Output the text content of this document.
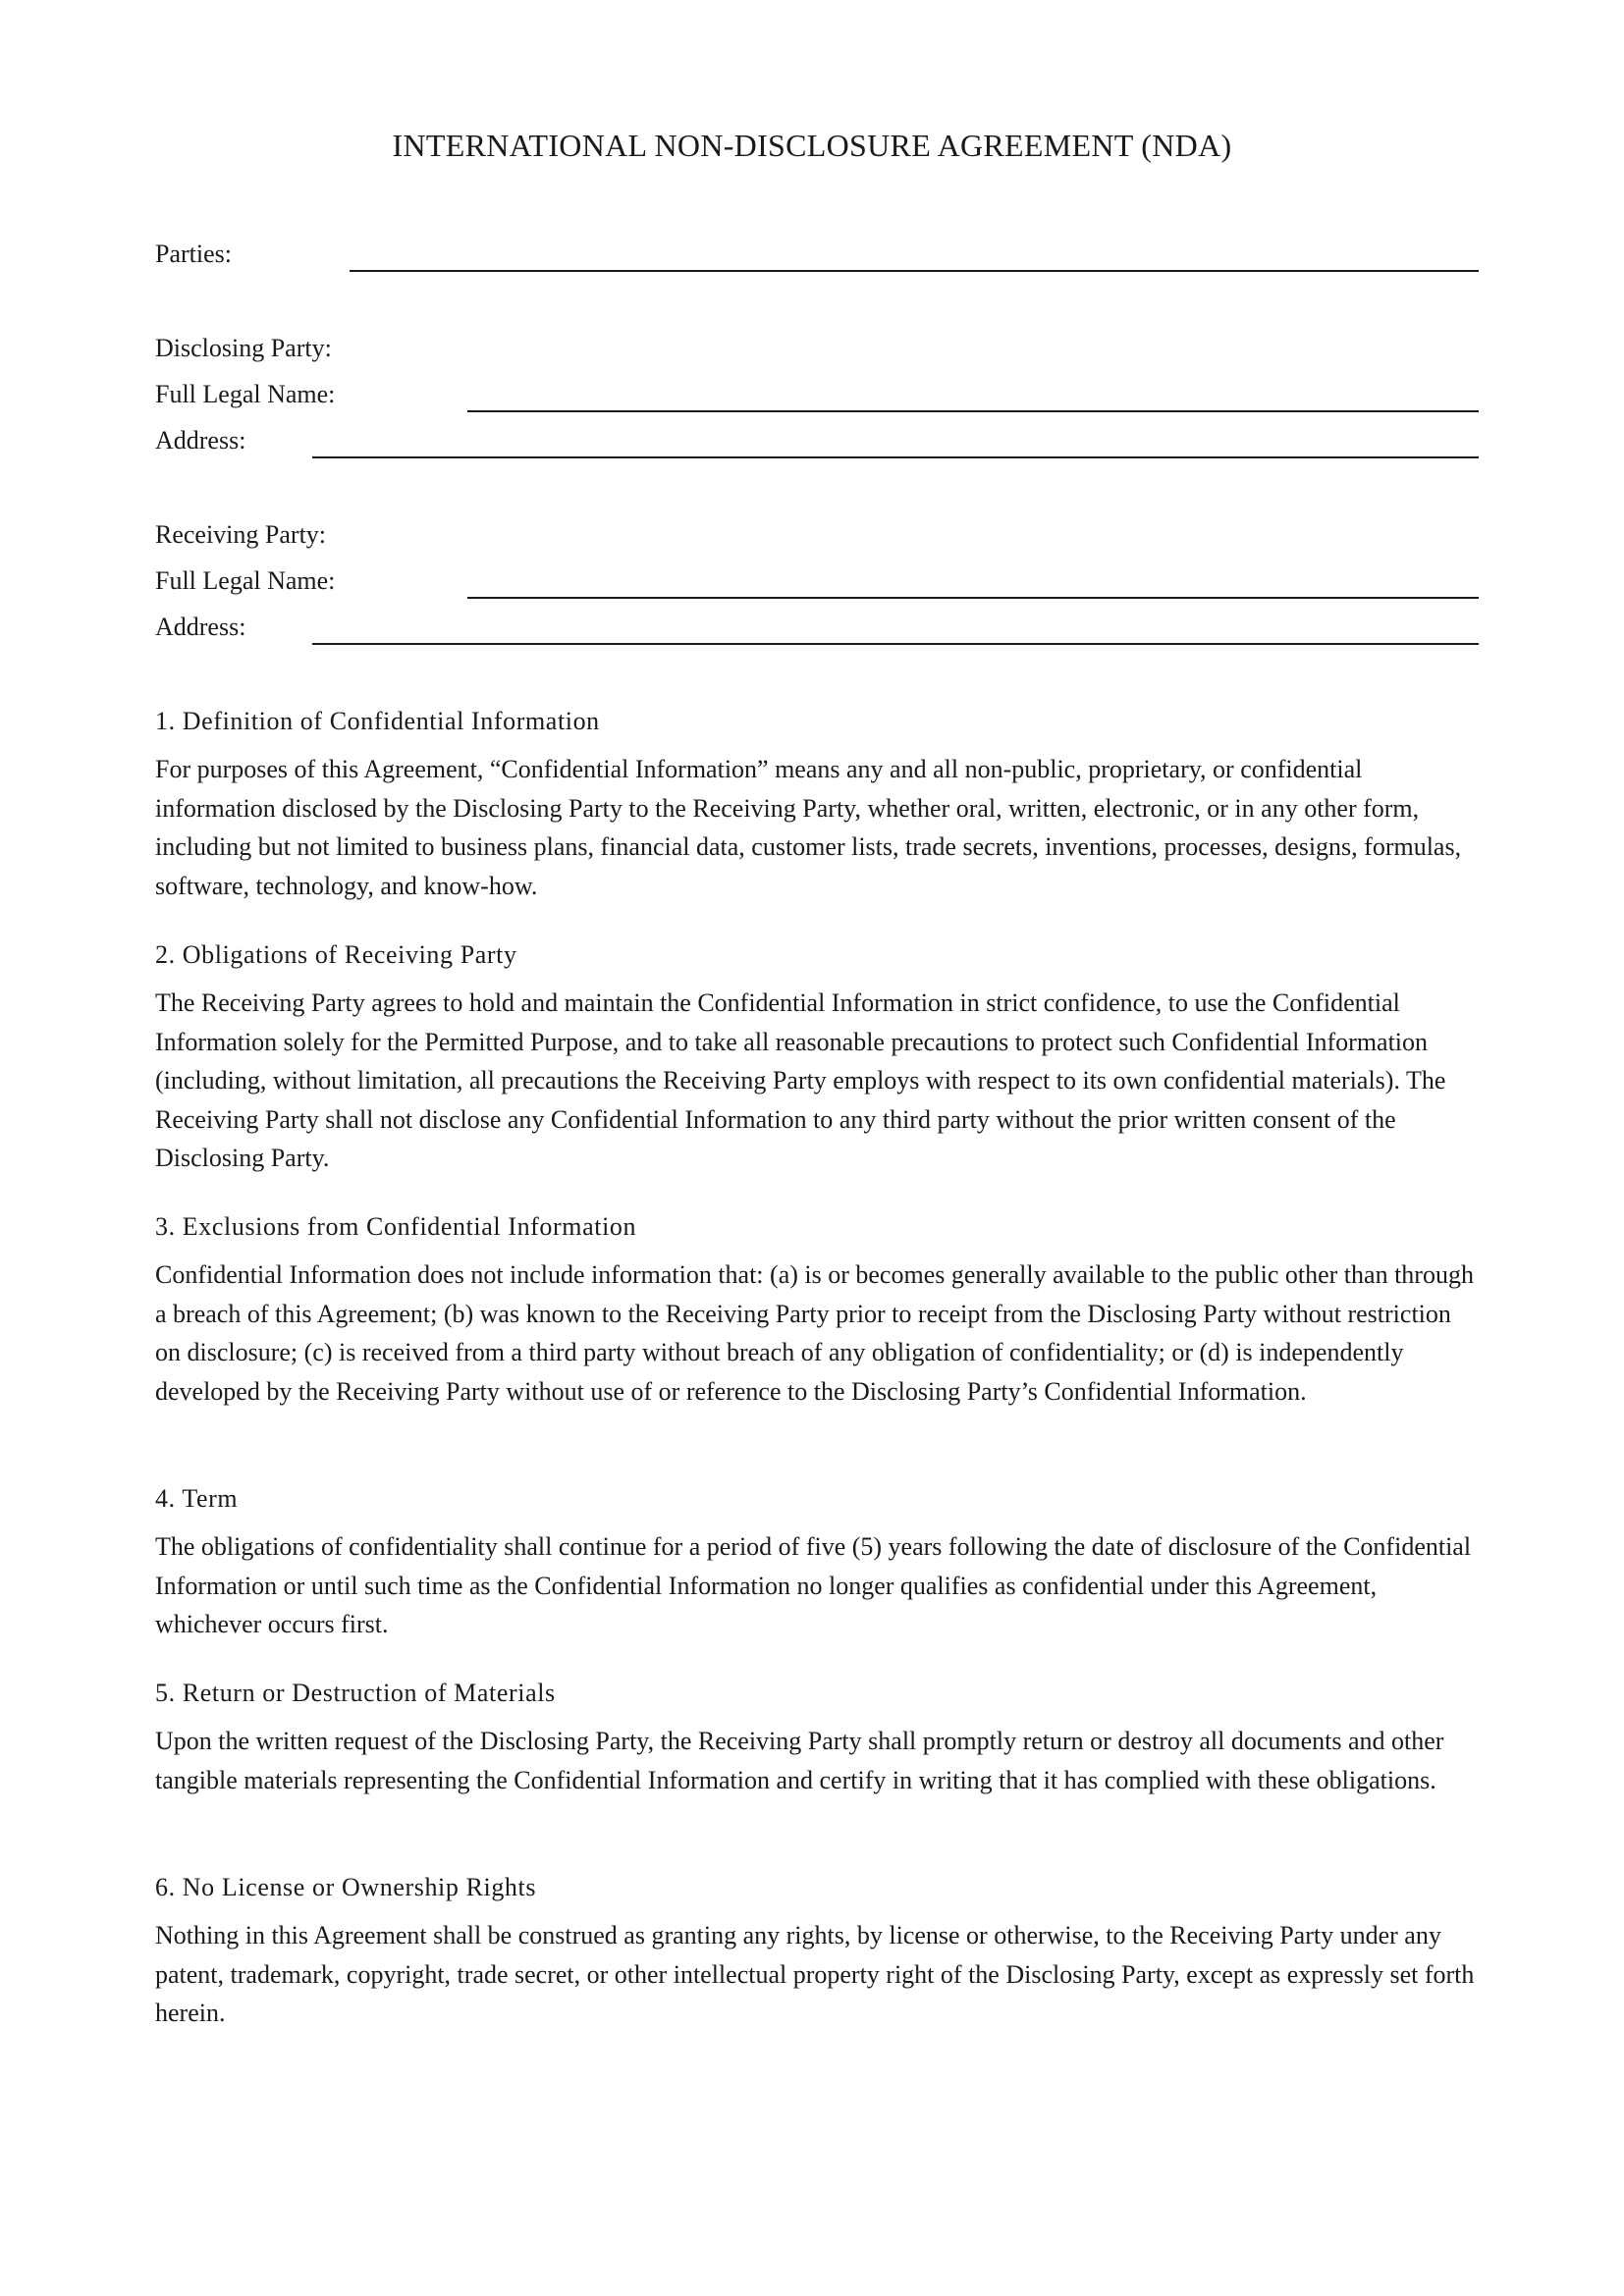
INTERNATIONAL NON-DISCLOSURE AGREEMENT (NDA)
Parties:
Disclosing Party:
Full Legal Name:
Address:
Receiving Party:
Full Legal Name:
Address:
1. Definition of Confidential Information
For purposes of this Agreement, “Confidential Information” means any and all non-public, proprietary, or confidential information disclosed by the Disclosing Party to the Receiving Party, whether oral, written, electronic, or in any other form, including but not limited to business plans, financial data, customer lists, trade secrets, inventions, processes, designs, formulas, software, technology, and know-how.
2. Obligations of Receiving Party
The Receiving Party agrees to hold and maintain the Confidential Information in strict confidence, to use the Confidential Information solely for the Permitted Purpose, and to take all reasonable precautions to protect such Confidential Information (including, without limitation, all precautions the Receiving Party employs with respect to its own confidential materials). The Receiving Party shall not disclose any Confidential Information to any third party without the prior written consent of the Disclosing Party.
3. Exclusions from Confidential Information
Confidential Information does not include information that: (a) is or becomes generally available to the public other than through a breach of this Agreement; (b) was known to the Receiving Party prior to receipt from the Disclosing Party without restriction on disclosure; (c) is received from a third party without breach of any obligation of confidentiality; or (d) is independently developed by the Receiving Party without use of or reference to the Disclosing Party’s Confidential Information.
4. Term
The obligations of confidentiality shall continue for a period of five (5) years following the date of disclosure of the Confidential Information or until such time as the Confidential Information no longer qualifies as confidential under this Agreement, whichever occurs first.
5. Return or Destruction of Materials
Upon the written request of the Disclosing Party, the Receiving Party shall promptly return or destroy all documents and other tangible materials representing the Confidential Information and certify in writing that it has complied with these obligations.
6. No License or Ownership Rights
Nothing in this Agreement shall be construed as granting any rights, by license or otherwise, to the Receiving Party under any patent, trademark, copyright, trade secret, or other intellectual property right of the Disclosing Party, except as expressly set forth herein.
